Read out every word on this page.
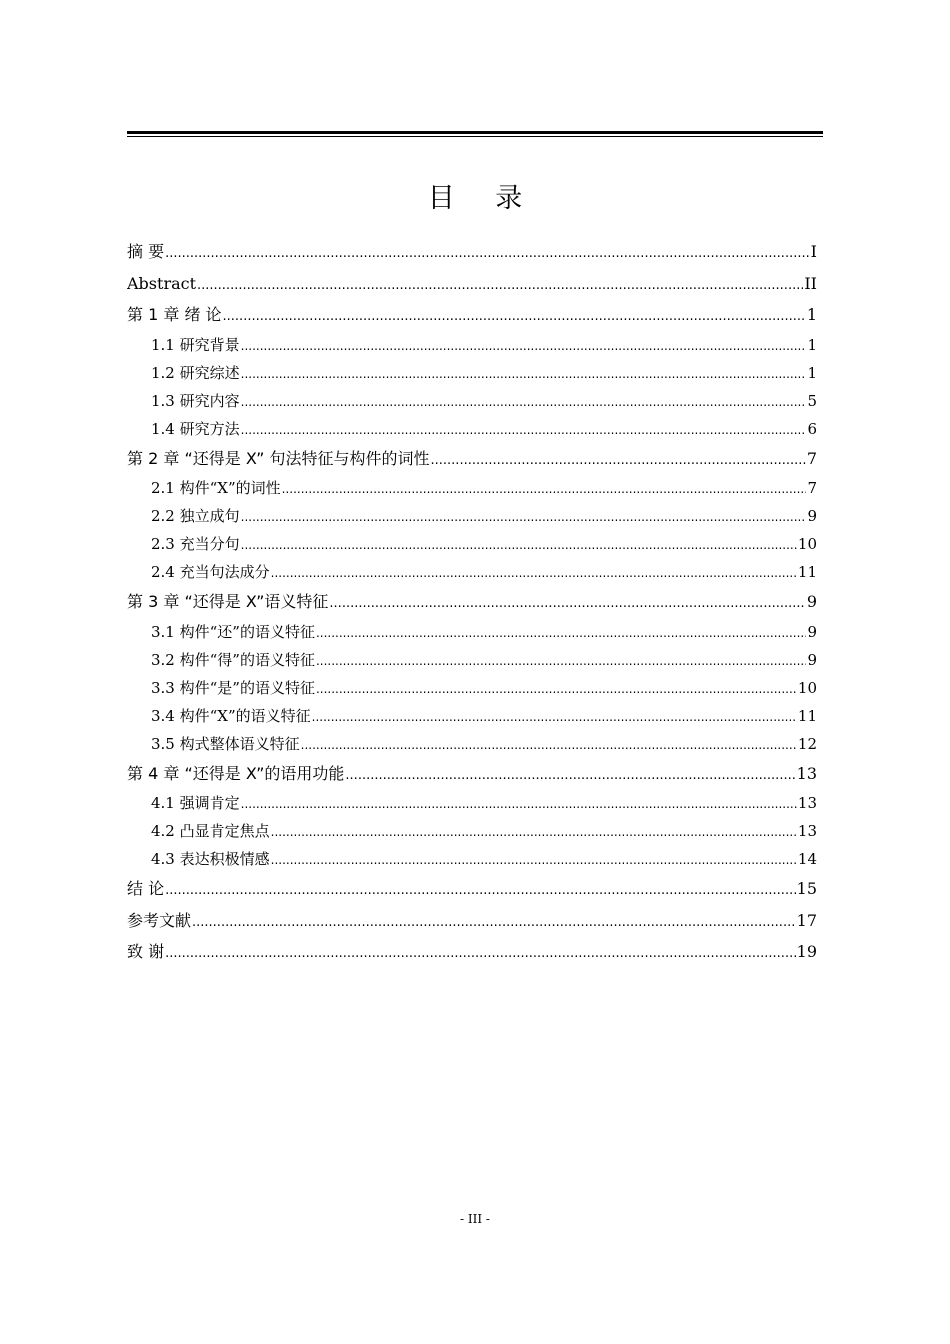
目 录
摘 要 .....	I
Abstract .....	II
第 1 章 绪 论 .....	1
1.1 研究背景 .....	1
1.2 研究综述 .....	1
1.3 研究内容 .....	5
1.4 研究方法 .....	6
第 2 章 “还得是 X” 句法特征与构件的词性 .....	7
2.1 构件“X”的词性 .....	7
2.2 独立成句 .....	9
2.3 充当分句 .....	10
2.4 充当句法成分 .....	11
第 3 章 “还得是 X”语义特征 .....	9
3.1 构件“还”的语义特征 .....	9
3.2 构件“得”的语义特征 .....	9
3.3 构件“是”的语义特征 .....	10
3.4 构件“X”的语义特征 .....	11
3.5 构式整体语义特征 .....	12
第 4 章 “还得是 X”的语用功能 .....	13
4.1 强调肯定 .....	13
4.2 凸显肯定焦点 .....	13
4.3 表达积极情感 .....	14
结 论 .....	15
参考文献 .....	17
致 谢 .....	19
- III -
